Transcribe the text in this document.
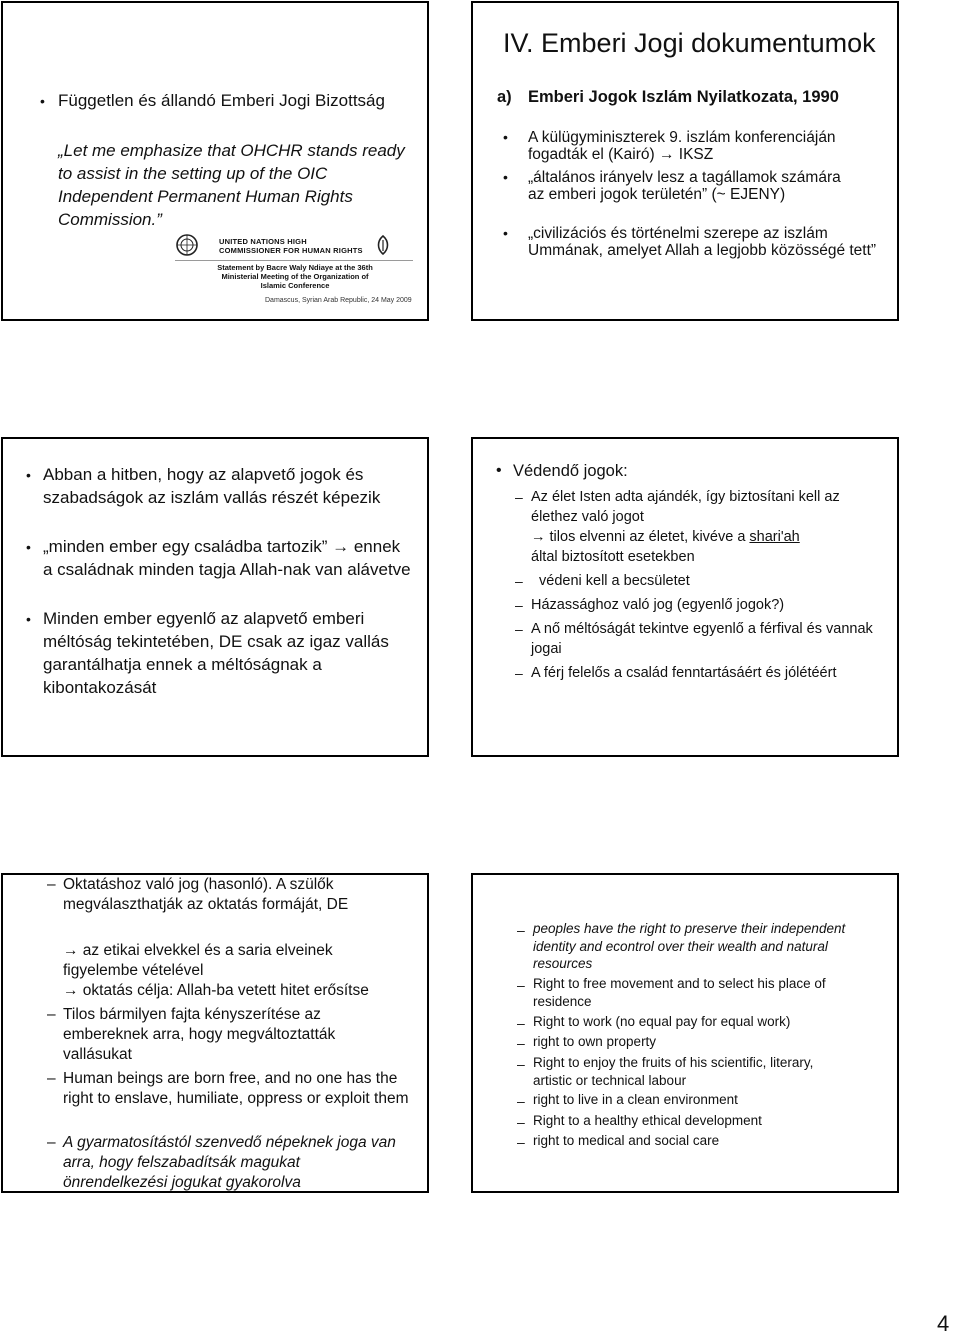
• Független és állandó Emberi Jogi Bizottság

„Let me emphasize that OHCHR stands ready to assist in the setting up of the OIC Independent Permanent Human Rights Commission.”

UNITED NATIONS HIGH COMMISSIONER FOR HUMAN RIGHTS
Statement by Bacre Waly Ndiaye at the 36th Ministerial Meeting of the Organization of Islamic Conference
Damascus, Syrian Arab Republic, 24 May 2009
IV. Emberi Jogi dokumentumok
a) Emberi Jogok Iszlám Nyilatkozata, 1990
• A külügyminiszterek 9. iszlám konferenciáján fogadták el (Kairó) → IKSZ
• „általános irányelv lesz a tagállamok számára az emberi jogok területén” (~ EJENY)
• „civilizációs és történelmi szerepe az iszlám Ummának, amelyet Allah a legjobb közösségé tett”
• Abban a hitben, hogy az alapvető jogok és szabadságok az iszlám vallás részét képezik
• „minden ember egy családba tartozik” → ennek a családnak minden tagja Allah-nak van alávetve
• Minden ember egyenlő az alapvető emberi méltóság tekintetében, DE csak az igaz vallás garantálhatja ennek a méltóságnak a kibontakozását
• Védendő jogok:
– Az élet Isten adta ajándék, így biztosítani kell az élethez való jogot
→ tilos elvenni az életet, kivéve a shari'ah
által biztosított esetekben
– védeni kell a becsületet
– Házassághoz való jog (egyenlő jogok?)
– A nő méltóságát tekintve egyenlő a férfival és vannak jogai
– A férj felelős a család fenntartásáért és jólétéért
– Oktatáshoz való jog (hasonló). A szülők megválaszthatják az oktatás formáját, DE
→ az etikai elvekkel és a saria elveinek figyelembe vételével
→ oktatás célja: Allah-ba vetett hitet erősítse
– Tilos bármilyen fajta kényszerítése az embereknek arra, hogy megváltoztatták vallásukat
– Human beings are born free, and no one has the right to enslave, humiliate, oppress or exploit them
– A gyarmatosítástól szenvedő népeknek joga van arra, hogy felszabadítsák magukat önrendelkezési jogukat gyakorolva
– peoples have the right to preserve their independent identity and econtrol over their wealth and natural resources
– Right to free movement and to select his place of residence
– Right to work (no equal pay for equal work)
– right to own property
– Right to enjoy the fruits of his scientific, literary, artistic or technical labour
– right to live in a clean environment
– Right to a healthy ethical development
– right to medical and social care
4
